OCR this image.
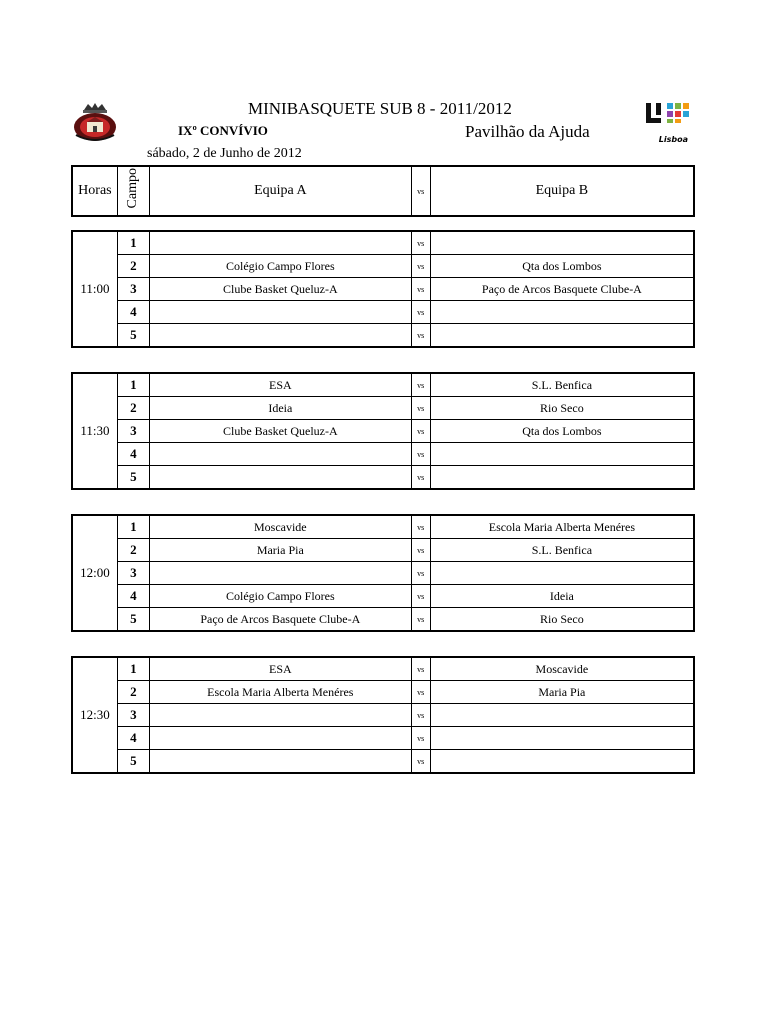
Lisboa
MINIBASQUETE SUB 8 - 2011/2012
IXº CONVÍVIO	Pavilhão da Ajuda
sábado, 2 de Junho de 2012
Horas	Campo	Equipa A	vs	Equipa B
11:00	1		vs	
	2	Colégio Campo Flores	vs	Qta dos Lombos
	3	Clube Basket Queluz-A	vs	Paço de Arcos Basquete Clube-A
	4		vs	
	5		vs	
11:30	1	ESA	vs	S.L. Benfica
	2	Ideia	vs	Rio Seco
	3	Clube Basket Queluz-A	vs	Qta dos Lombos
	4		vs	
	5		vs	
12:00	1	Moscavide	vs	Escola Maria Alberta Menéres
	2	Maria Pia	vs	S.L. Benfica
	3		vs	
	4	Colégio Campo Flores	vs	Ideia
	5	Paço de Arcos Basquete Clube-A	vs	Rio Seco
12:30	1	ESA	vs	Moscavide
	2	Escola Maria Alberta Menéres	vs	Maria Pia
	3		vs	
	4		vs	
	5		vs	
